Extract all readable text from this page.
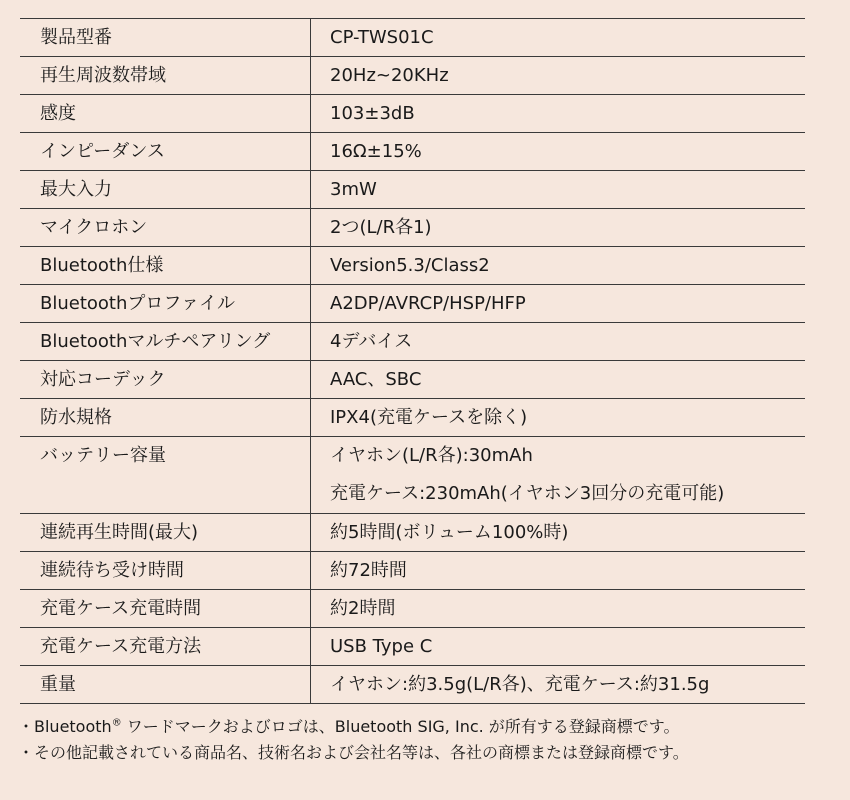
製品型番	CP-TWS01C
再生周波数帯域	20Hz~20KHz
感度	103±3dB
インピーダンス	16Ω±15%
最大入力	3mW
マイクロホン	2つ(L/R各1)
Bluetooth仕様	Version5.3/Class2
Bluetoothプロファイル	A2DP/AVRCP/HSP/HFP
Bluetoothマルチペアリング	4デバイス
対応コーデック	AAC、SBC
防水規格	IPX4(充電ケースを除く)
バッテリー容量	イヤホン(L/R各):30mAh
充電ケース:230mAh(イヤホン3回分の充電可能)

連続再生時間(最大)	約5時間(ボリューム100%時)
連続待ち受け時間	約72時間
充電ケース充電時間	約2時間
充電ケース充電方法	USB Type C
重量	イヤホン:約3.5g(L/R各)、充電ケース:約31.5g
・Bluetooth® ワードマークおよびロゴは、Bluetooth SIG, Inc. が所有する登録商標です。
・その他記載されている商品名、技術名および会社名等は、各社の商標または登録商標です。
